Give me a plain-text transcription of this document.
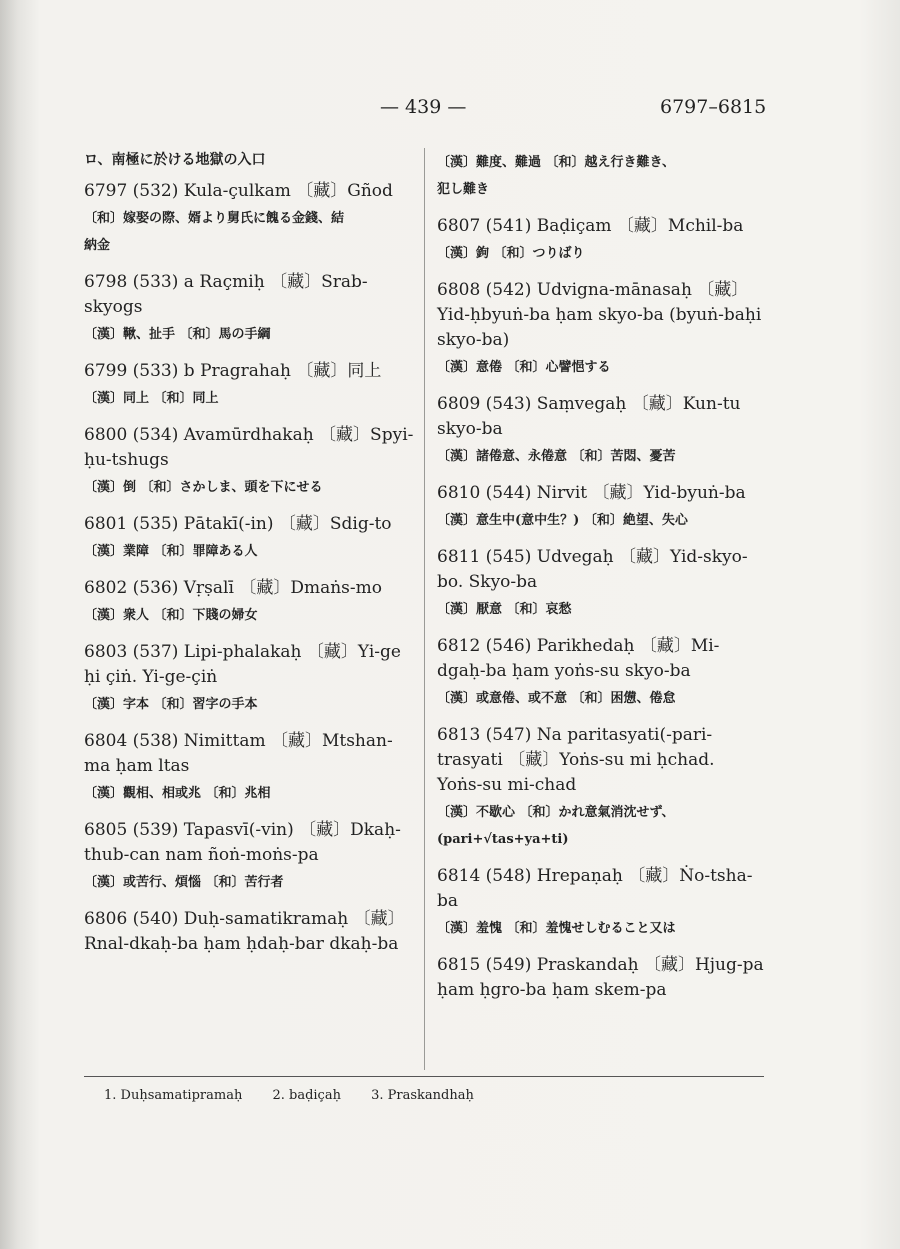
— 439 —	6797–6815
ロ、南極に於ける地獄の入口
6797 (532) Kula-çulkam 〔藏〕Gñod
〔和〕嫁娶の際、婿より舅氏に餽る金錢、結
納金
6798 (533) a Raçmiḥ 〔藏〕Srab-skyogs
〔漢〕鞦、扯手 〔和〕馬の手綱
6799 (533) b Pragrahaḥ 〔藏〕同上
〔漢〕同上 〔和〕同上
6800 (534) Avamūrdhakaḥ 〔藏〕Spyi-ḥu-tshugs
〔漢〕倒 〔和〕さかしま、頭を下にせる
6801 (535) Pātakī(-in) 〔藏〕Sdig-to
〔漢〕業障 〔和〕罪障ある人
6802 (536) Vṛṣalī 〔藏〕Dmaṅs-mo
〔漢〕衆人 〔和〕下賤の婦女
6803 (537) Lipi-phalakaḥ 〔藏〕Yi-ge ḥi çiṅ. Yi-ge-çiṅ
〔漢〕字本 〔和〕習字の手本
6804 (538) Nimittam 〔藏〕Mtshan-ma ḥam ltas
〔漢〕觀相、相或兆 〔和〕兆相
6805 (539) Tapasvī(-vin) 〔藏〕Dkaḥ-thub-can nam ñoṅ-moṅs-pa
〔漢〕或苦行、煩惱 〔和〕苦行者
6806 (540) Duḥ-samatikramaḥ 〔藏〕Rnal-dkaḥ-ba ḥam ḥdaḥ-bar dkaḥ-ba
〔漢〕難度、難過 〔和〕越え行き難き、
犯し難き
6807 (541) Baḍiçam 〔藏〕Mchil-ba
〔漢〕鉤 〔和〕つりばり
6808 (542) Udvigna-mānasaḥ 〔藏〕Yid-ḥbyuṅ-ba ḥam skyo-ba (byuṅ-baḥi skyo-ba)
〔漢〕意倦 〔和〕心譬悒する
6809 (543) Saṃvegaḥ 〔藏〕Kun-tu skyo-ba
〔漢〕諸倦意、永倦意 〔和〕苦悶、憂苦
6810 (544) Nirvit 〔藏〕Yid-byuṅ-ba
〔漢〕意生中(意中生？) 〔和〕絶望、失心
6811 (545) Udvegaḥ 〔藏〕Yid-skyo-bo. Skyo-ba
〔漢〕厭意 〔和〕哀愁
6812 (546) Parikhedaḥ 〔藏〕Mi-dgaḥ-ba ḥam yoṅs-su skyo-ba
〔漢〕或意倦、或不意 〔和〕困憊、倦怠
6813 (547) Na paritasyati(-pari-trasyati 〔藏〕Yoṅs-su mi ḥchad. Yoṅs-su mi-chad
〔漢〕不歇心 〔和〕かれ意氣消沈せず、
(pari+√tas+ya+ti)
6814 (548) Hrepaṇaḥ 〔藏〕Ṅo-tsha-ba
〔漢〕羞愧 〔和〕羞愧せしむること又は
6815 (549) Praskandaḥ 〔藏〕Hjug-pa ḥam ḥgro-ba ḥam skem-pa
1. Duḥsamatipramaḥ 2. baḍiçaḥ 3. Praskandhaḥ
